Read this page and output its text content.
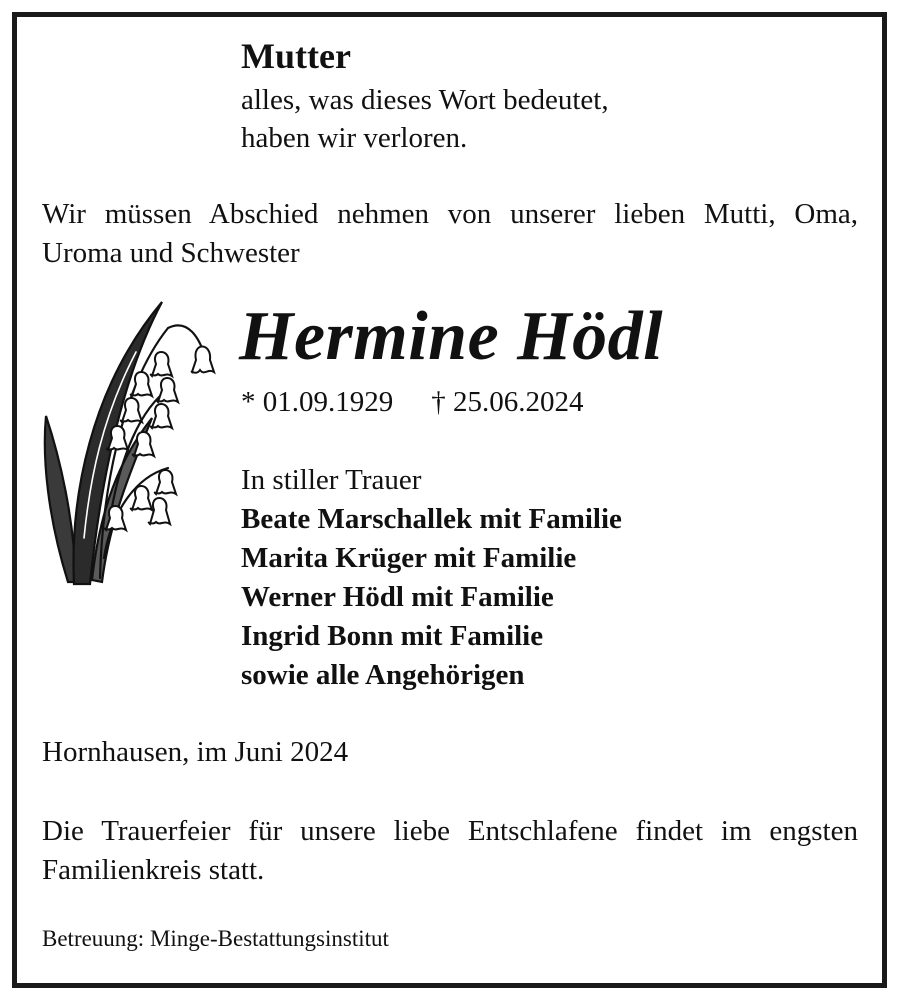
Mutter

alles, was dieses Wort bedeutet,

haben wir verloren.

Wir müssen Abschied nehmen von unserer lieben Mutti, Oma,

Uroma und Schwester

Hermine Hödl

* 01.09.1929 † 25.06.2024

In stiller Trauer

Beate Marschallek mit Familie

Marita Krüger mit Familie

Werner Hödl mit Familie

Ingrid Bonn mit Familie

sowie alle Angehörigen

Hornhausen, im Juni 2024

Die Trauerfeier für unsere liebe Entschlafene findet im engsten

Familienkreis statt.

Betreuung: Minge-Bestattungsinstitut
